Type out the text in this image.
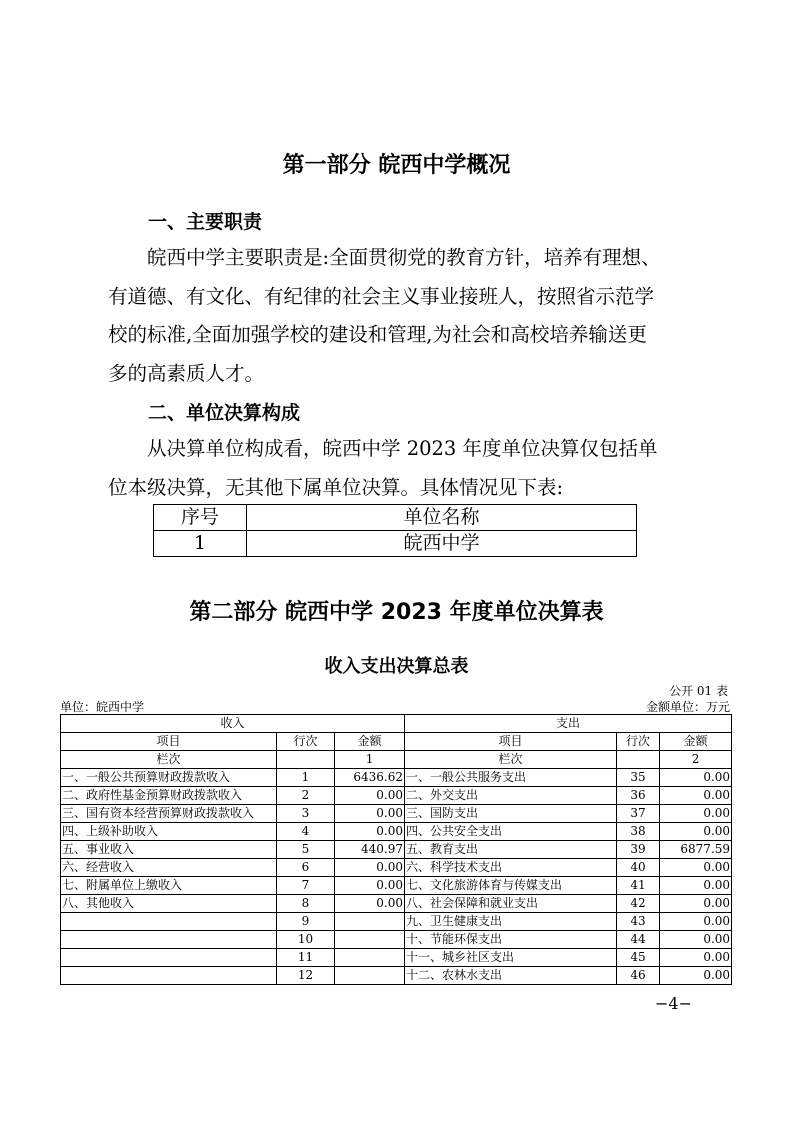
第一部分 皖西中学概况
一、主要职责
皖西中学主要职责是:全面贯彻党的教育方针，培养有理想、
有道德、有文化、有纪律的社会主义事业接班人，按照省示范学
校的标准,全面加强学校的建设和管理,为社会和高校培养输送更
多的高素质人才。
二、单位决算构成
从决算单位构成看，皖西中学 2023 年度单位决算仅包括单
位本级决算，无其他下属单位决算。具体情况见下表:
序号	单位名称
1	皖西中学
第二部分 皖西中学 2023 年度单位决算表
收入支出决算总表
公开 01 表
单位：皖西中学	金额单位：万元
收入			支出		
项目	行次	金额	项目	行次	金额
栏次		1	栏次		2
一、一般公共预算财政拨款收入	1	6436.62	一、一般公共服务支出	35	0.00
二、政府性基金预算财政拨款收入	2	0.00	二、外交支出	36	0.00
三、国有资本经营预算财政拨款收入	3	0.00	三、国防支出	37	0.00
四、上级补助收入	4	0.00	四、公共安全支出	38	0.00
五、事业收入	5	440.97	五、教育支出	39	6877.59
六、经营收入	6	0.00	六、科学技术支出	40	0.00
七、附属单位上缴收入	7	0.00	七、文化旅游体育与传媒支出	41	0.00
八、其他收入	8	0.00	八、社会保障和就业支出	42	0.00
	9		九、卫生健康支出	43	0.00
	10		十、节能环保支出	44	0.00
	11		十一、城乡社区支出	45	0.00
	12		十二、农林水支出	46	0.00
−4−
